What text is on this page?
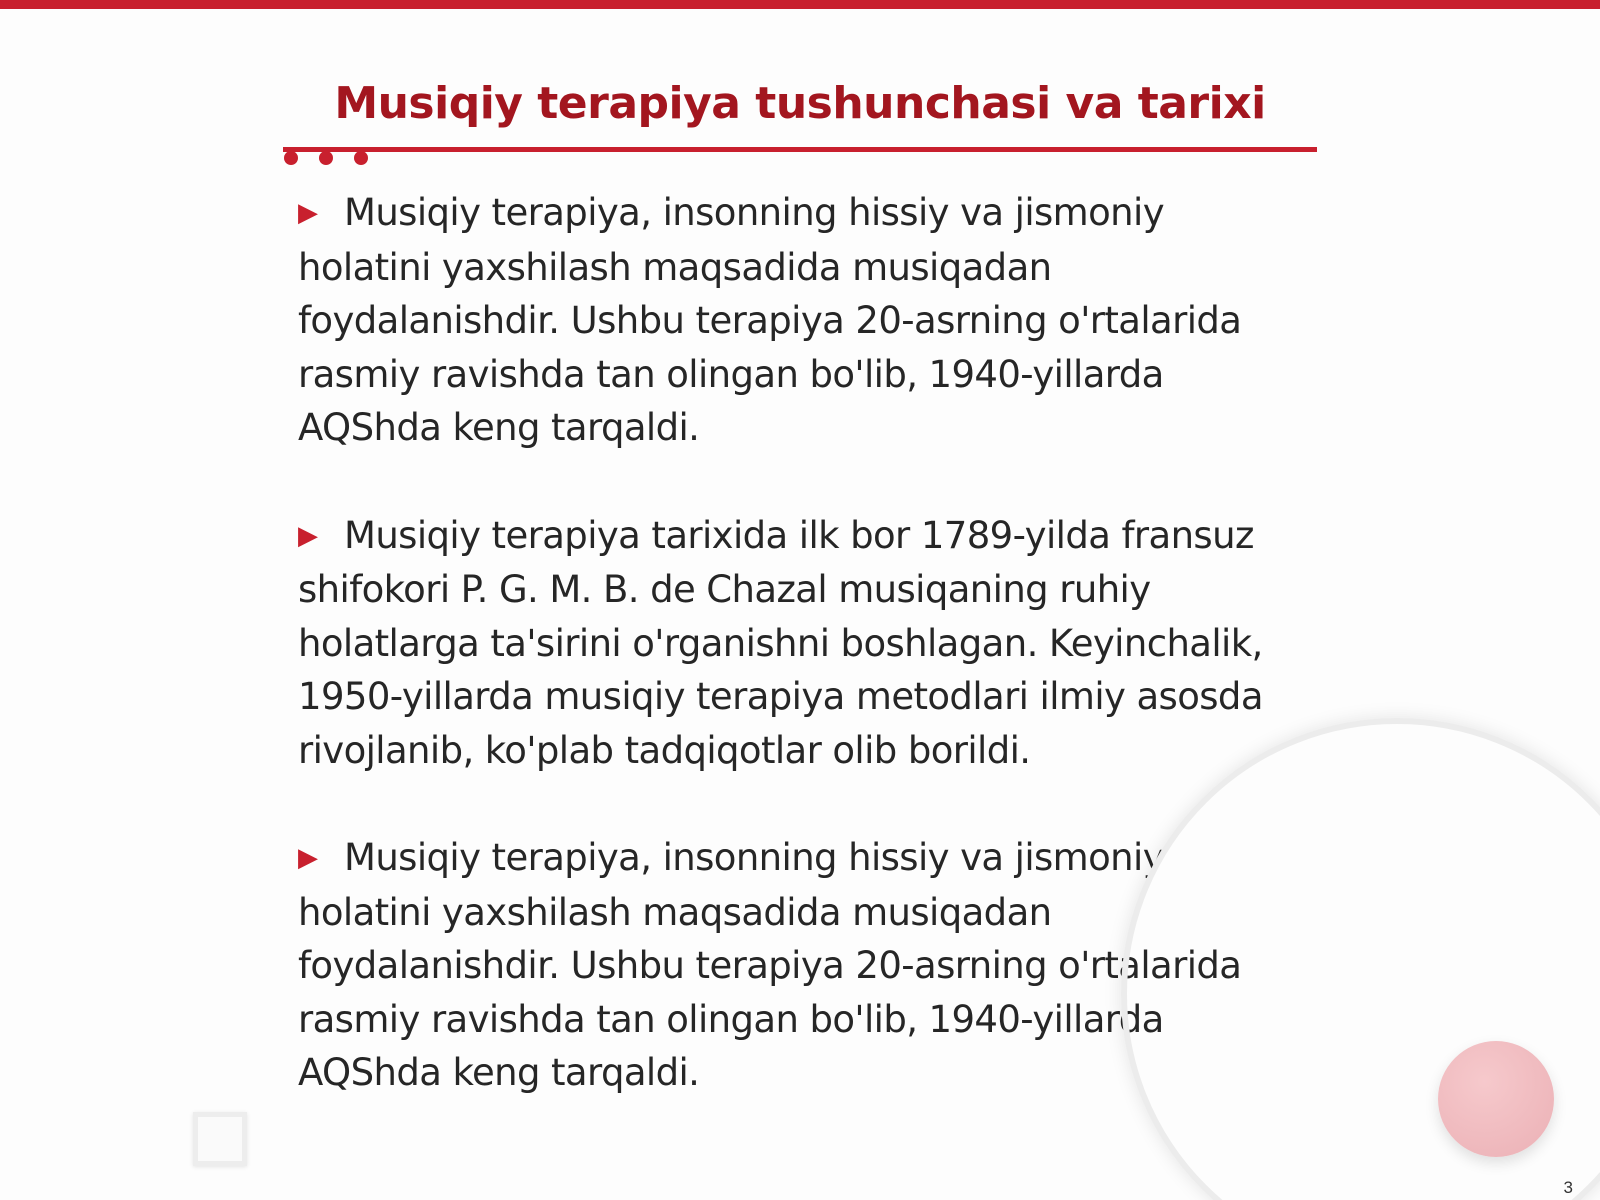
Musiqiy terapiya tushunchasi va tarixi

▶ Musiqiy terapiya, insonning hissiy va jismoniy holatini yaxshilash maqsadida musiqadan foydalanishdir. Ushbu terapiya 20-asrning o'rtalarida rasmiy ravishda tan olingan bo'lib, 1940-yillarda AQShda keng tarqaldi.

▶ Musiqiy terapiya tarixida ilk bor 1789-yilda fransuz shifokori P. G. M. B. de Chazal musiqaning ruhiy holatlarga ta'sirini o'rganishni boshlagan. Keyinchalik, 1950-yillarda musiqiy terapiya metodlari ilmiy asosda rivojlanib, ko'plab tadqiqotlar olib borildi.

▶ Musiqiy terapiya, insonning hissiy va jismoniy holatini yaxshilash maqsadida musiqadan foydalanishdir. Ushbu terapiya 20-asrning o'rtalarida rasmiy ravishda tan olingan bo'lib, 1940-yillarda AQShda keng tarqaldi.

3
